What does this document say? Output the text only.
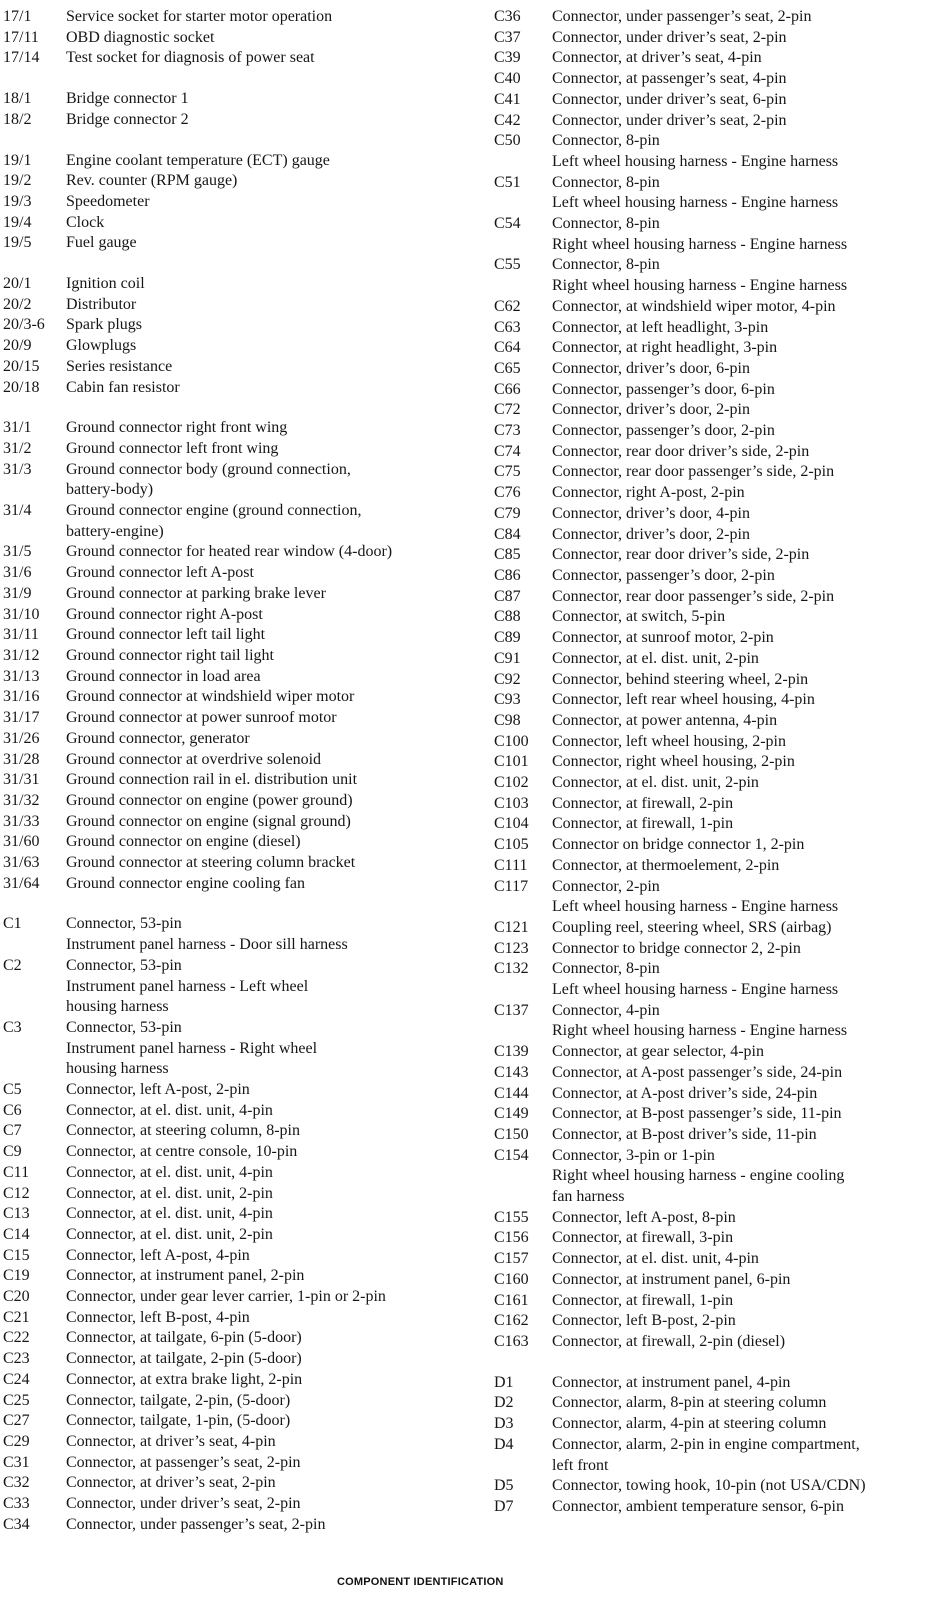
17/1	Service socket for starter motor operation
17/11	OBD diagnostic socket
17/14	Test socket for diagnosis of power seat
18/1	Bridge connector 1
18/2	Bridge connector 2
19/1	Engine coolant temperature (ECT) gauge
19/2	Rev. counter (RPM gauge)
19/3	Speedometer
19/4	Clock
19/5	Fuel gauge
20/1	Ignition coil
20/2	Distributor
20/3-6	Spark plugs
20/9	Glowplugs
20/15	Series resistance
20/18	Cabin fan resistor
31/1	Ground connector right front wing
31/2	Ground connector left front wing
31/3	Ground connector body (ground connection,
battery-body)
31/4	Ground connector engine (ground connection,
battery-engine)
31/5	Ground connector for heated rear window (4-door)
31/6	Ground connector left A-post
31/9	Ground connector at parking brake lever
31/10	Ground connector right A-post
31/11	Ground connector left tail light
31/12	Ground connector right tail light
31/13	Ground connector in load area
31/16	Ground connector at windshield wiper motor
31/17	Ground connector at power sunroof motor
31/26	Ground connector, generator
31/28	Ground connector at overdrive solenoid
31/31	Ground connection rail in el. distribution unit
31/32	Ground connector on engine (power ground)
31/33	Ground connector on engine (signal ground)
31/60	Ground connector on engine (diesel)
31/63	Ground connector at steering column bracket
31/64	Ground connector engine cooling fan
C1	Connector, 53-pin
Instrument panel harness - Door sill harness
C2	Connector, 53-pin
Instrument panel harness - Left wheel
housing harness
C3	Connector, 53-pin
Instrument panel harness - Right wheel
housing harness
C5	Connector, left A-post, 2-pin
C6	Connector, at el. dist. unit, 4-pin
C7	Connector, at steering column, 8-pin
C9	Connector, at centre console, 10-pin
C11	Connector, at el. dist. unit, 4-pin
C12	Connector, at el. dist. unit, 2-pin
C13	Connector, at el. dist. unit, 4-pin
C14	Connector, at el. dist. unit, 2-pin
C15	Connector, left A-post, 4-pin
C19	Connector, at instrument panel, 2-pin
C20	Connector, under gear lever carrier, 1-pin or 2-pin
C21	Connector, left B-post, 4-pin
C22	Connector, at tailgate, 6-pin (5-door)
C23	Connector, at tailgate, 2-pin (5-door)
C24	Connector, at extra brake light, 2-pin
C25	Connector, tailgate, 2-pin, (5-door)
C27	Connector, tailgate, 1-pin, (5-door)
C29	Connector, at driver’s seat, 4-pin
C31	Connector, at passenger’s seat, 2-pin
C32	Connector, at driver’s seat, 2-pin
C33	Connector, under driver’s seat, 2-pin
C34	Connector, under passenger’s seat, 2-pin
C36	Connector, under passenger’s seat, 2-pin
C37	Connector, under driver’s seat, 2-pin
C39	Connector, at driver’s seat, 4-pin
C40	Connector, at passenger’s seat, 4-pin
C41	Connector, under driver’s seat, 6-pin
C42	Connector, under driver’s seat, 2-pin
C50	Connector, 8-pin
Left wheel housing harness - Engine harness
C51	Connector, 8-pin
Left wheel housing harness - Engine harness
C54	Connector, 8-pin
Right wheel housing harness - Engine harness
C55	Connector, 8-pin
Right wheel housing harness - Engine harness
C62	Connector, at windshield wiper motor, 4-pin
C63	Connector, at left headlight, 3-pin
C64	Connector, at right headlight, 3-pin
C65	Connector, driver’s door, 6-pin
C66	Connector, passenger’s door, 6-pin
C72	Connector, driver’s door, 2-pin
C73	Connector, passenger’s door, 2-pin
C74	Connector, rear door driver’s side, 2-pin
C75	Connector, rear door passenger’s side, 2-pin
C76	Connector, right A-post, 2-pin
C79	Connector, driver’s door, 4-pin
C84	Connector, driver’s door, 2-pin
C85	Connector, rear door driver’s side, 2-pin
C86	Connector, passenger’s door, 2-pin
C87	Connector, rear door passenger’s side, 2-pin
C88	Connector, at switch, 5-pin
C89	Connector, at sunroof motor, 2-pin
C91	Connector, at el. dist. unit, 2-pin
C92	Connector, behind steering wheel, 2-pin
C93	Connector, left rear wheel housing, 4-pin
C98	Connector, at power antenna, 4-pin
C100	Connector, left wheel housing, 2-pin
C101	Connector, right wheel housing, 2-pin
C102	Connector, at el. dist. unit, 2-pin
C103	Connector, at firewall, 2-pin
C104	Connector, at firewall, 1-pin
C105	Connector on bridge connector 1, 2-pin
C111	Connector, at thermoelement, 2-pin
C117	Connector, 2-pin
Left wheel housing harness - Engine harness
C121	Coupling reel, steering wheel, SRS (airbag)
C123	Connector to bridge connector 2, 2-pin
C132	Connector, 8-pin
Left wheel housing harness - Engine harness
C137	Connector, 4-pin
Right wheel housing harness - Engine harness
C139	Connector, at gear selector, 4-pin
C143	Connector, at A-post passenger’s side, 24-pin
C144	Connector, at A-post driver’s side, 24-pin
C149	Connector, at B-post passenger’s side, 11-pin
C150	Connector, at B-post driver’s side, 11-pin
C154	Connector, 3-pin or 1-pin
Right wheel housing harness - engine cooling
fan harness
C155	Connector, left A-post, 8-pin
C156	Connector, at firewall, 3-pin
C157	Connector, at el. dist. unit, 4-pin
C160	Connector, at instrument panel, 6-pin
C161	Connector, at firewall, 1-pin
C162	Connector, left B-post, 2-pin
C163	Connector, at firewall, 2-pin (diesel)
D1	Connector, at instrument panel, 4-pin
D2	Connector, alarm, 8-pin at steering column
D3	Connector, alarm, 4-pin at steering column
D4	Connector, alarm, 2-pin in engine compartment,
left front
D5	Connector, towing hook, 10-pin (not USA/CDN)
D7	Connector, ambient temperature sensor, 6-pin
COMPONENT IDENTIFICATION
